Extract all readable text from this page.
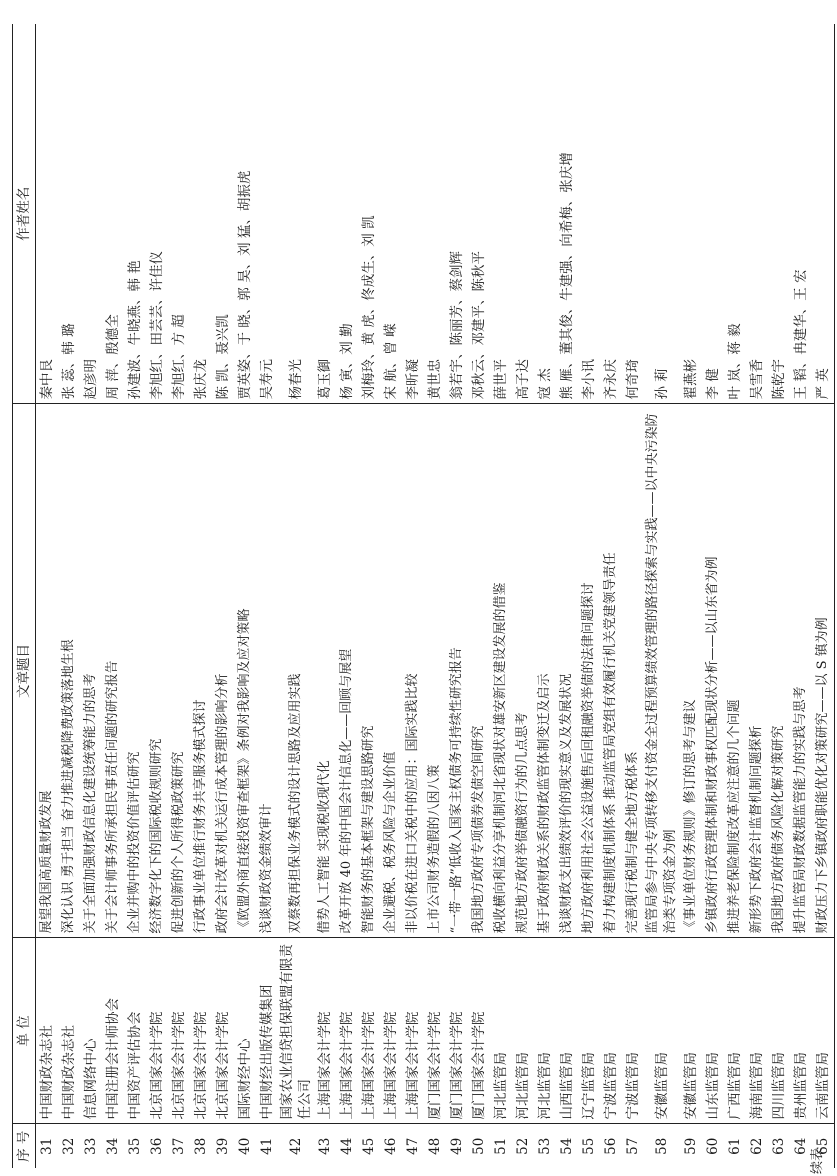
续表
序 号	单 位	文章题目	作者姓名
31	中国财政杂志社	展望我国高质量财政发展	秦中艮
32	中国财政杂志社	深化认识 勇于担当 奋力推进减税降费政策落地生根	张 蕊、韩 璐
33	信息网络中心	关于全面加强财政信息化建设统筹能力的思考	赵彦明
34	中国注册会计师协会	关于会计师事务所承担民事责任问题的研究报告	周 萍、殷德全
35	中国资产评估协会	企业并购中的投资价值评估研究	孙建波、牛晓燕、韩 艳
36	北京国家会计学院	经济数字化下的国际税收规则研究	李旭红、田芸芸、许佳仪
37	北京国家会计学院	促进创新的个人所得税政策研究	李旭红、方 超
38	北京国家会计学院	行政事业单位推行财务共享服务模式探讨	张庆龙
39	北京国家会计学院	政府会计改革对机关运行成本管理的影响分析	陈 凯、聂兴凯
40	国际财经中心	《欧盟外商直接投资审查框架》条例对我影响及应对策略	贾英姿、于 晓、郭 昊、刘 猛、胡振虎
41	中国财经出版传媒集团	浅谈财政资金绩效审计	吴寿元
42	国家农业信贷担保联盟有限责任公司	双蔡数再担保业务模式的设计思路及应用实践	杨春光
43	上海国家会计学院	借势人工智能 实现税收现代化	葛玉御
44	上海国家会计学院	改革开放 40 年的中国会计信息化——回顾与展望	杨 寅、刘 勤
45	上海国家会计学院	智能财务的基本框架与建设思路研究	刘梅玲、黄 虎、佟成生、刘 凯
46	上海国家会计学院	企业避税、税务风险与企业价值	宋 航、曾 嵘
47	上海国家会计学院	非以价税在进口关税中的应用：国际实践比较	李昕凝
48	厦门国家会计学院	上市公司财务造假的八因八策	黄世忠
49	厦门国家会计学院	“一带一路”低收入国家主权债务可持续性研究报告	翁若宇、陈丽芳、蔡剑辉
50	厦门国家会计学院	我国地方政府专项债券发债空间研究	邓秋云、邓建平、陈秋平
51	河北监管局	税收横向利益分享机制河北省现状对雄安新区建设发展的借鉴	薛世平
52	河北监管局	规范地方政府举债融资行为的几点思考	高子达
53	河北监管局	基于政府财政关系的财政监管体制变迁及启示	寇 杰
54	山西监管局	浅谈财政支出绩效评价的现实意义及发展状况	熊 雁、董其俊、牛建强、向希梅、张庆增
55	辽宁监管局	地方政府利用社会公益设施售后回租融资举债的法律问题探讨	李小讯
56	宁波监管局	着力构建制度机制体系 推动监管局党组有效履行机关党建领导责任	齐永庆
57	宁波监管局	完善现行税制与健全地方税体系	何奇琦
58	安徽监管局	监管局参与中央专项转移支付资金全过程预算绩效管理的路径探索与实践——以中央污染防治类专项资金为例	孙 莉
59	安徽监管局	《事业单位财务规则》修订的思考与建议	翟燕彬
60	山东监管局	乡镇政府行政管理体制和财政事权匹配现状分析——以山东省为例	李 健
61	广西监管局	推进养老保险制度改革应注意的几个问题	叶 岚、蒋 毅
62	海南监管局	新形势下政府会计监督机制问题探析	吴雪香
63	四川监管局	我国地方政府债务风险化解对策研究	陈乾宇
64	贵州监管局	提升监管局财政数据监管能力的实践与思考	王 韬、冉建华、王 宏
65	云南监管局	财政压力下乡镇政府职能优化对策研究——以 S 镇为例	严 英
